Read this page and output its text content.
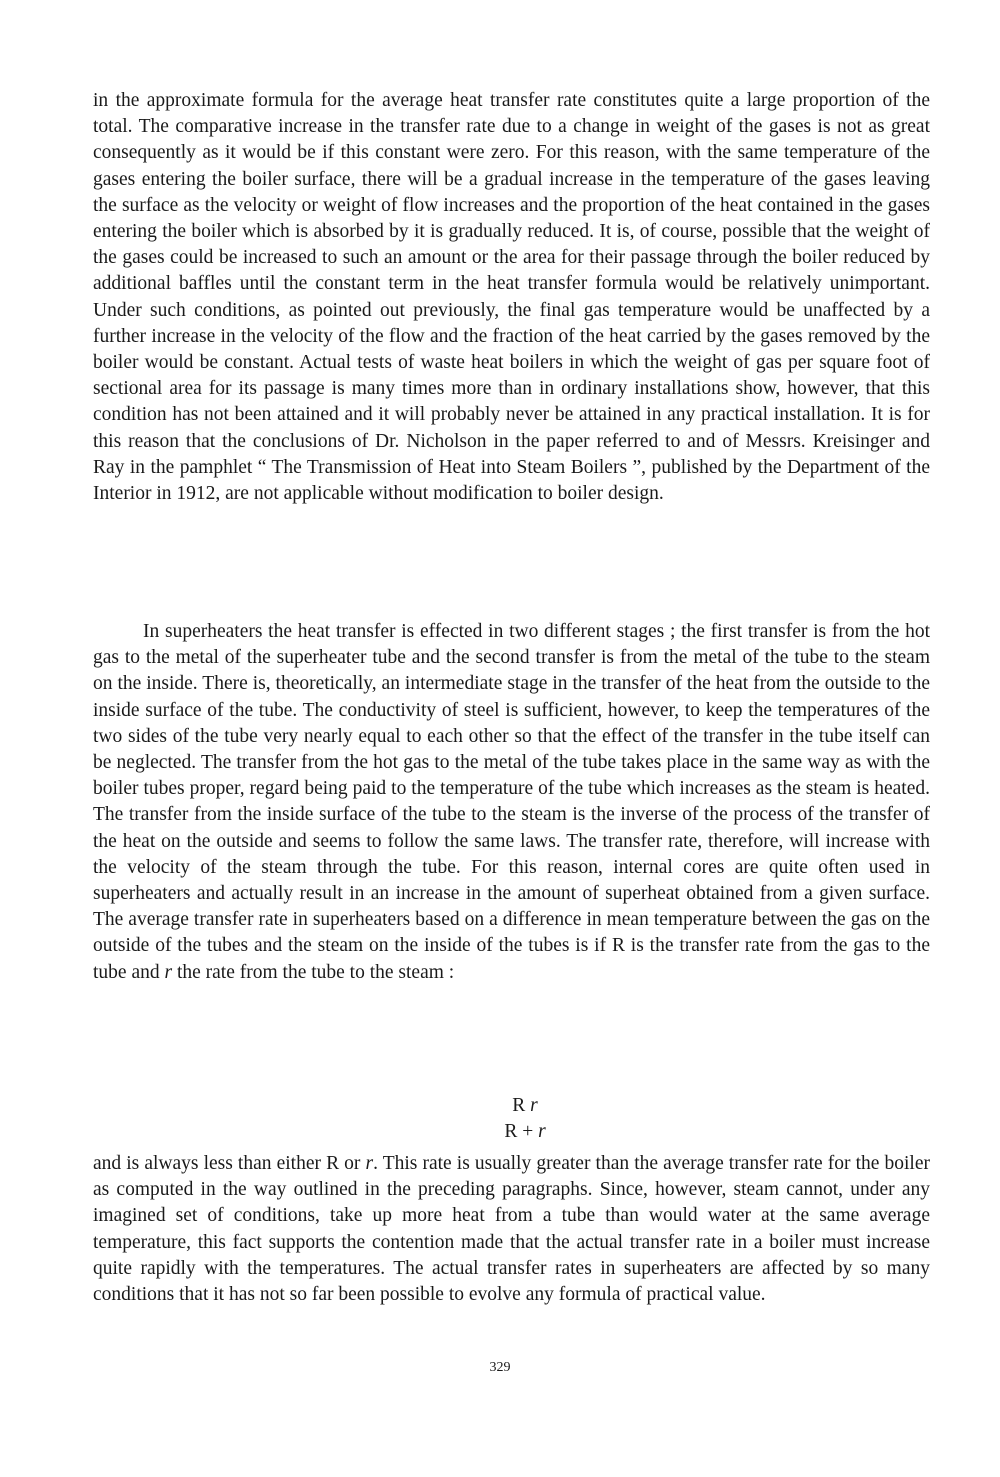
in the approximate formula for the average heat transfer rate constitutes quite a large proportion of the total. The comparative increase in the transfer rate due to a change in weight of the gases is not as great consequently as it would be if this constant were zero. For this reason, with the same temperature of the gases entering the boiler surface, there will be a gradual increase in the temperature of the gases leaving the surface as the velocity or weight of flow increases and the proportion of the heat contained in the gases entering the boiler which is absorbed by it is gradually reduced. It is, of course, possible that the weight of the gases could be increased to such an amount or the area for their passage through the boiler reduced by additional baffles until the constant term in the heat transfer formula would be relatively unimportant. Under such conditions, as pointed out previously, the final gas temperature would be unaffected by a further increase in the velocity of the flow and the fraction of the heat carried by the gases removed by the boiler would be constant. Actual tests of waste heat boilers in which the weight of gas per square foot of sectional area for its passage is many times more than in ordinary installations show, however, that this condition has not been attained and it will probably never be attained in any practical installation. It is for this reason that the conclusions of Dr. Nicholson in the paper referred to and of Messrs. Kreisinger and Ray in the pamphlet “ The Transmission of Heat into Steam Boilers ”, published by the Department of the Interior in 1912, are not applicable without modification to boiler design.

In superheaters the heat transfer is effected in two different stages ; the first transfer is from the hot gas to the metal of the superheater tube and the second transfer is from the metal of the tube to the steam on the inside. There is, theoretically, an intermediate stage in the transfer of the heat from the outside to the inside surface of the tube. The conductivity of steel is sufficient, however, to keep the temperatures of the two sides of the tube very nearly equal to each other so that the effect of the transfer in the tube itself can be neglected. The transfer from the hot gas to the metal of the tube takes place in the same way as with the boiler tubes proper, regard being paid to the temperature of the tube which increases as the steam is heated. The transfer from the inside surface of the tube to the steam is the inverse of the process of the transfer of the heat on the outside and seems to follow the same laws. The transfer rate, therefore, will increase with the velocity of the steam through the tube. For this reason, internal cores are quite often used in superheaters and actually result in an increase in the amount of superheat obtained from a given surface. The average transfer rate in superheaters based on a difference in mean temperature between the gas on the outside of the tubes and the steam on the inside of the tubes is if R is the transfer rate from the gas to the tube and r the rate from the tube to the steam :

R r
R + r

and is always less than either R or r. This rate is usually greater than the average transfer rate for the boiler as computed in the way outlined in the preceding paragraphs. Since, however, steam cannot, under any imagined set of conditions, take up more heat from a tube than would water at the same average temperature, this fact supports the contention made that the actual transfer rate in a boiler must increase quite rapidly with the temperatures. The actual transfer rates in superheaters are affected by so many conditions that it has not so far been possible to evolve any formula of practical value.

329
